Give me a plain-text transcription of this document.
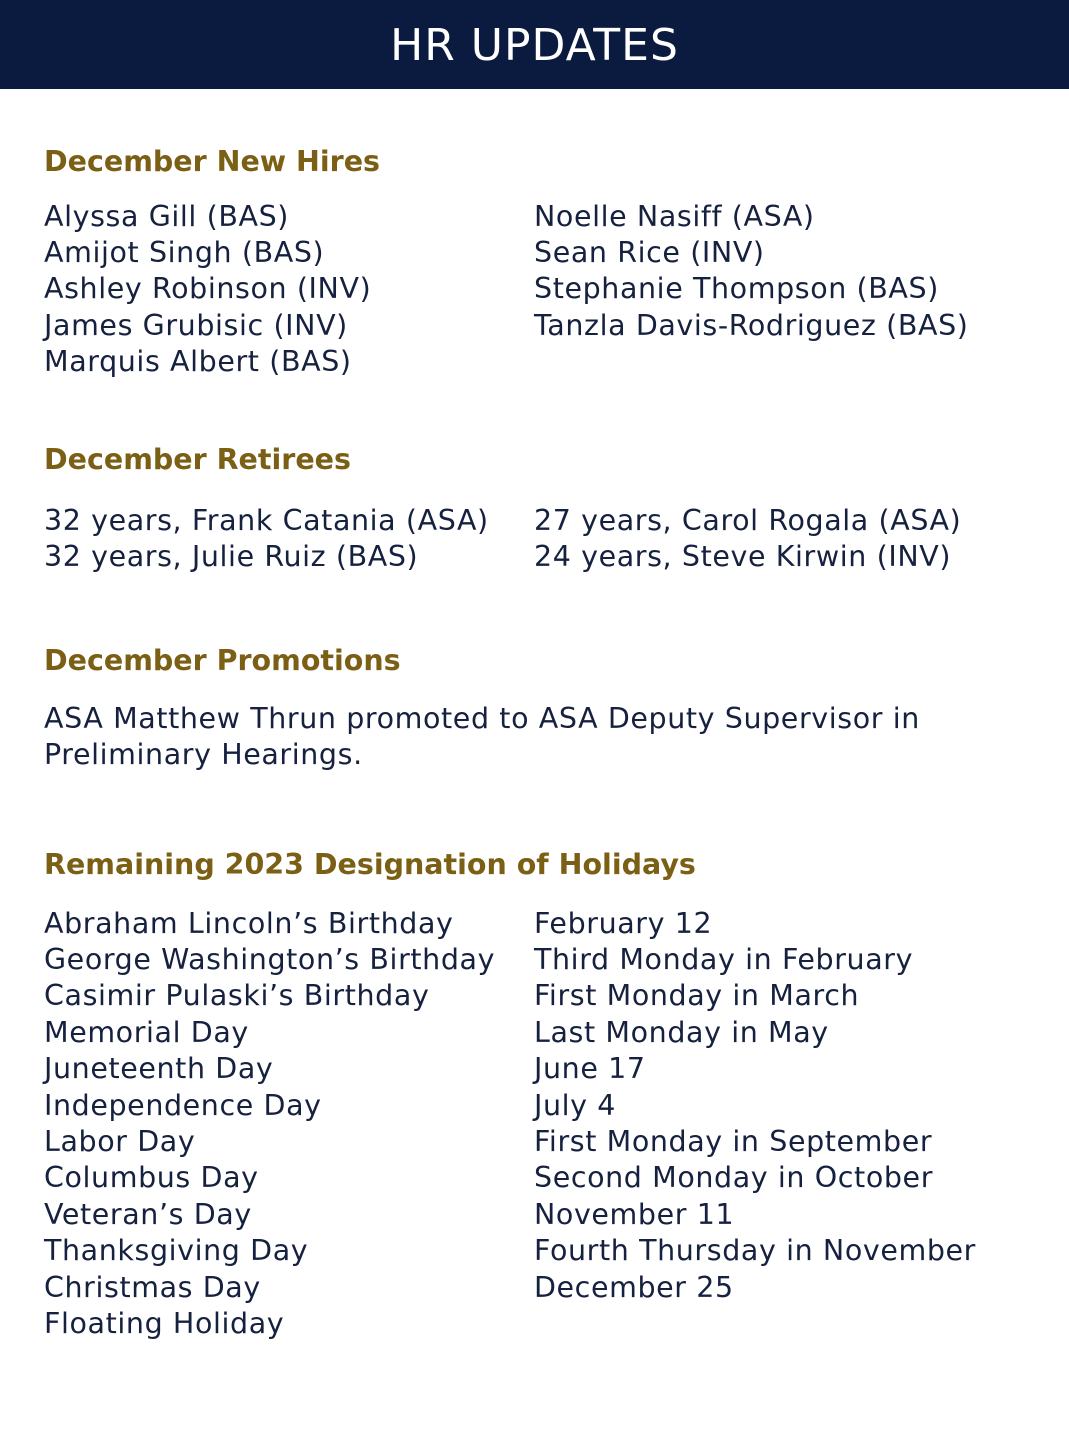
HR UPDATES
December New Hires
Alyssa Gill (BAS)
Amijot Singh (BAS)
Ashley Robinson (INV)
James Grubisic (INV)
Marquis Albert (BAS)
Noelle Nasiff (ASA)
Sean Rice (INV)
Stephanie Thompson (BAS)
Tanzla Davis-Rodriguez (BAS)
December Retirees
32 years, Frank Catania (ASA)
32 years, Julie Ruiz (BAS)
27 years, Carol Rogala (ASA)
24 years, Steve Kirwin (INV)
December Promotions
ASA Matthew Thrun promoted to ASA Deputy Supervisor in Preliminary Hearings.
Remaining 2023 Designation of Holidays
Abraham Lincoln’s Birthday
George Washington’s Birthday
Casimir Pulaski’s Birthday
Memorial Day
Juneteenth Day
Independence Day
Labor Day
Columbus Day
Veteran’s Day
Thanksgiving Day
Christmas Day
Floating Holiday
February 12
Third Monday in February
First Monday in March
Last Monday in May
June 17
July 4
First Monday in September
Second Monday in October
November 11
Fourth Thursday in November
December 25
